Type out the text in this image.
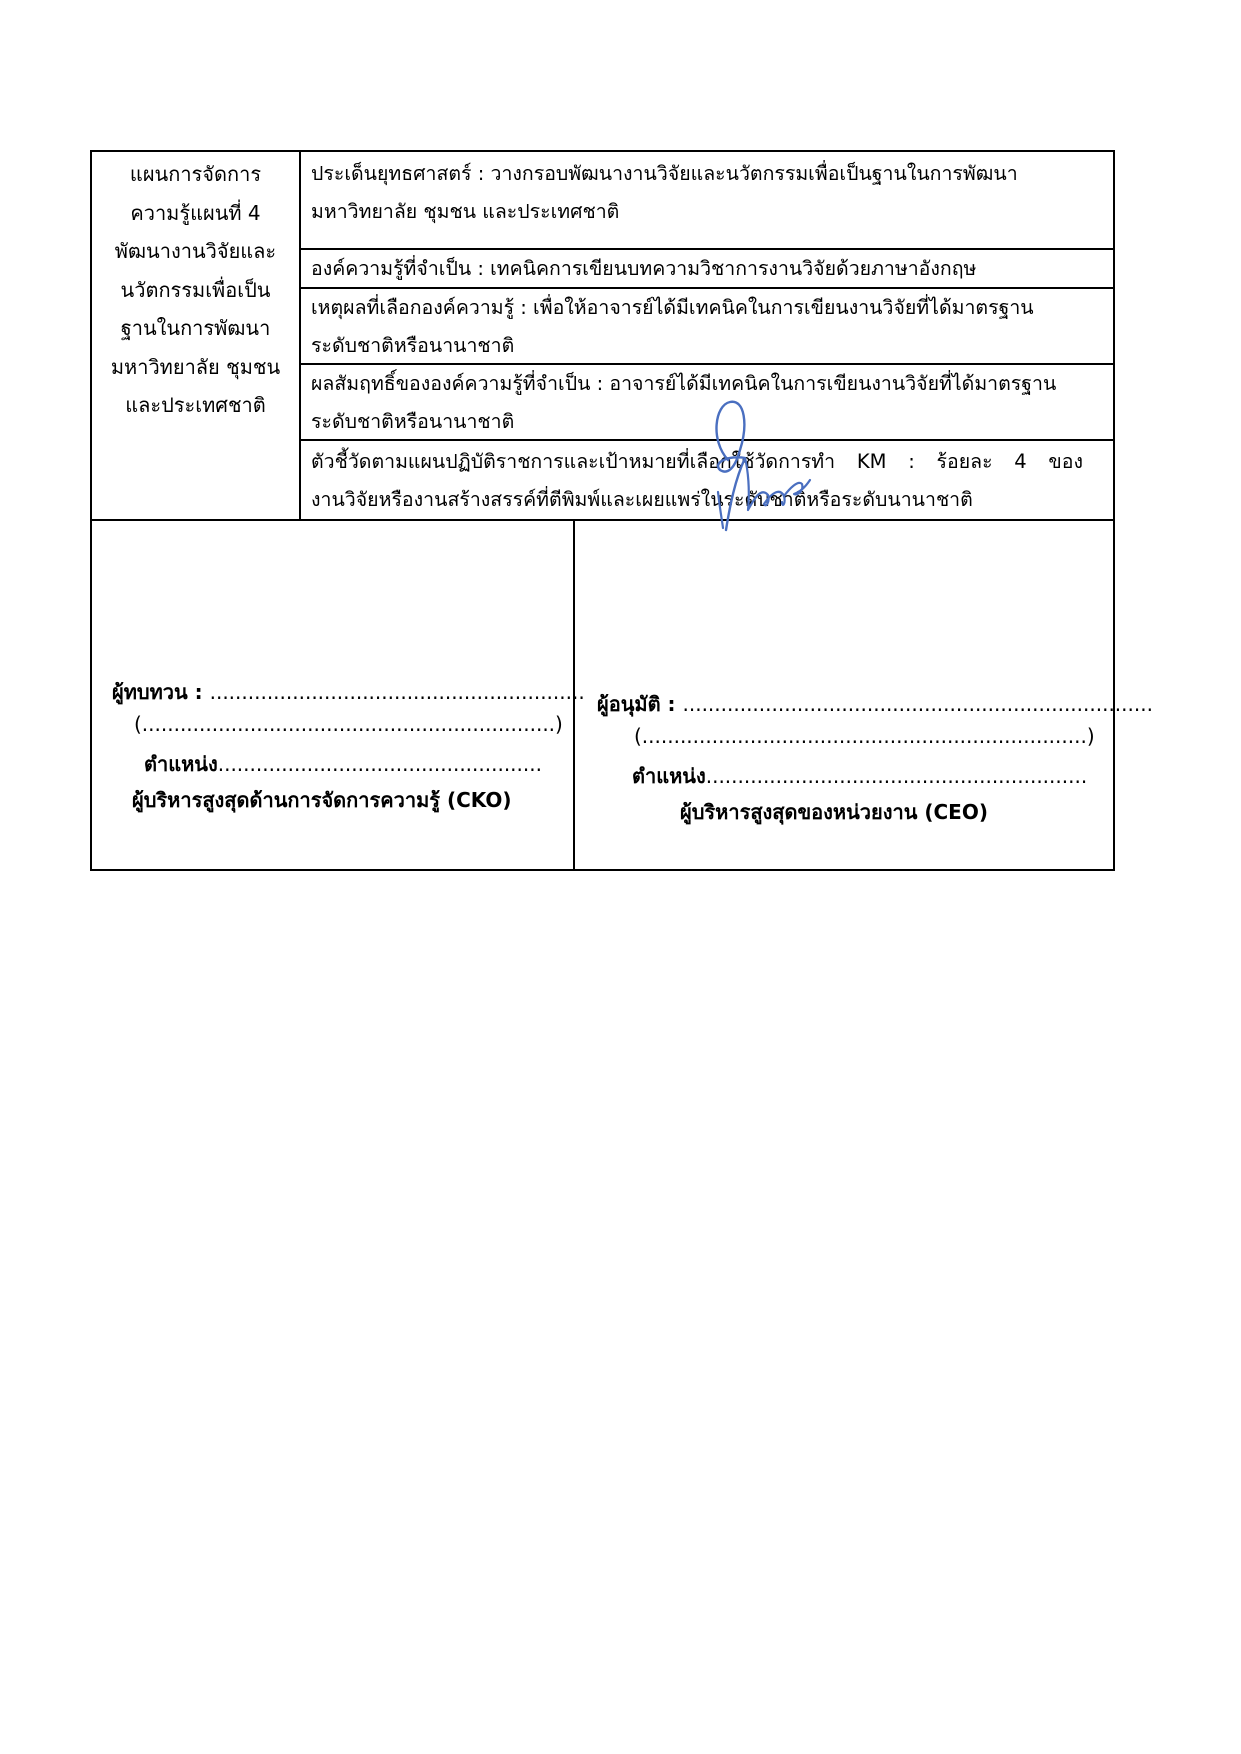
แผนการจัดการ
ความรู้แผนที่ 4
พัฒนางานวิจัยและ
นวัตกรรมเพื่อเป็น
ฐานในการพัฒนา
มหาวิทยาลัย ชุมชน
และประเทศชาติ
ประเด็นยุทธศาสตร์ : วางกรอบพัฒนางานวิจัยและนวัตกรรมเพื่อเป็นฐานในการพัฒนา
มหาวิทยาลัย ชุมชน และประเทศชาติ
องค์ความรู้ที่จำเป็น : เทคนิคการเขียนบทความวิชาการงานวิจัยด้วยภาษาอังกฤษ
เหตุผลที่เลือกองค์ความรู้ : เพื่อให้อาจารย์ได้มีเทคนิคในการเขียนงานวิจัยที่ได้มาตรฐาน
ระดับชาติหรือนานาชาติ
ผลสัมฤทธิ์ขององค์ความรู้ที่จำเป็น : อาจารย์ได้มีเทคนิคในการเขียนงานวิจัยที่ได้มาตรฐาน
ระดับชาติหรือนานาชาติ
ตัวชี้วัดตามแผนปฏิบัติราชการและเป้าหมายที่เลือกใช้วัดการทำ KM : ร้อยละ 4 ของ
งานวิจัยหรืองานสร้างสรรค์ที่ตีพิมพ์และเผยแพร่ในระดับชาติหรือระดับนานาชาติ
ผู้ทบทวน : ...........................................................
(.................................................................)
ตำแหน่ง...................................................
ผู้บริหารสูงสุดด้านการจัดการความรู้ (CKO)
ผู้อนุมัติ : ..........................................................................
(......................................................................)
ตำแหน่ง............................................................
ผู้บริหารสูงสุดของหน่วยงาน (CEO)
